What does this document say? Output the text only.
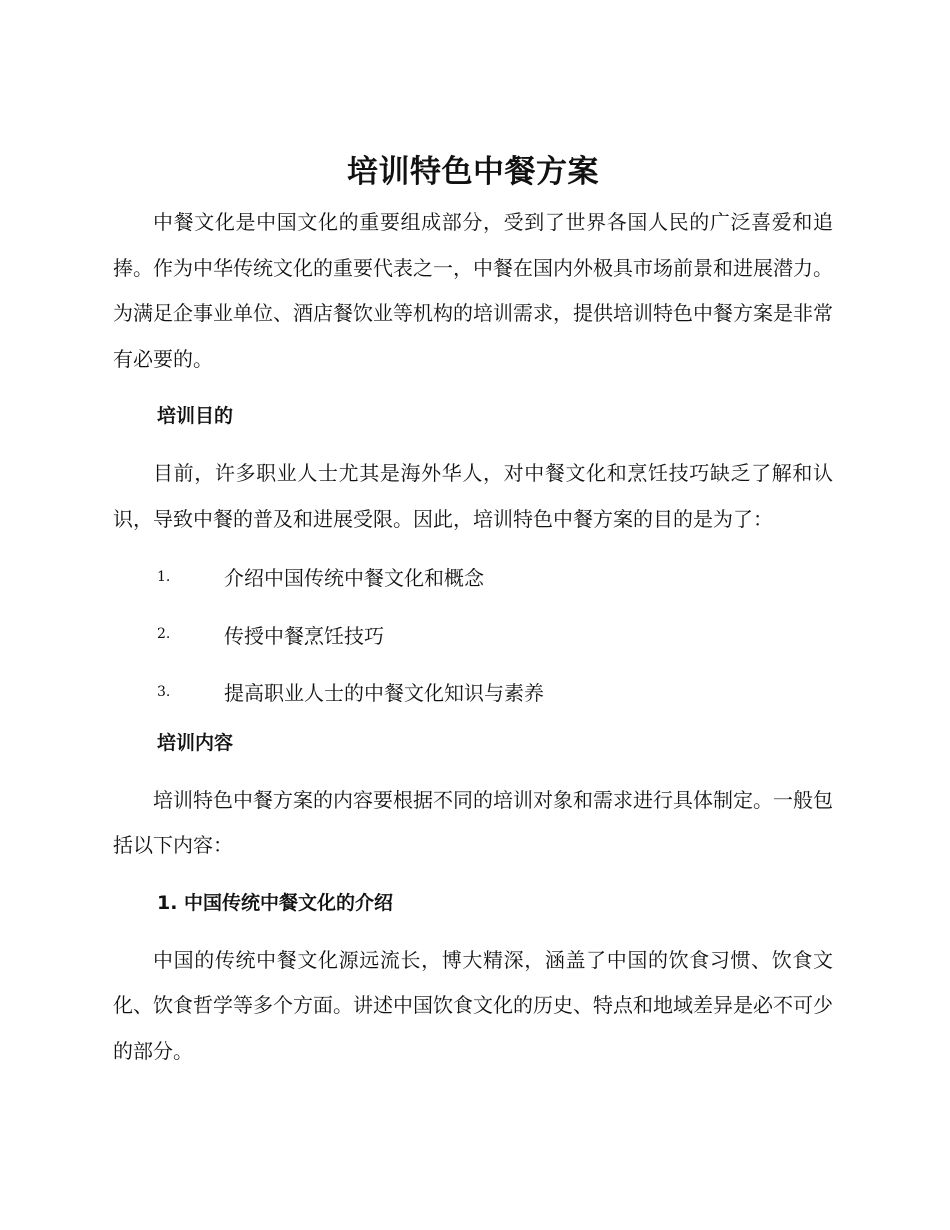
培训特色中餐方案

中餐文化是中国文化的重要组成部分，受到了世界各国人民的广泛喜爱和追捧。作为中华传统文化的重要代表之一，中餐在国内外极具市场前景和进展潜力。为满足企事业单位、酒店餐饮业等机构的培训需求，提供培训特色中餐方案是非常有必要的。

培训目的

目前，许多职业人士尤其是海外华人，对中餐文化和烹饪技巧缺乏了解和认识，导致中餐的普及和进展受限。因此，培训特色中餐方案的目的是为了：

1.	介绍中国传统中餐文化和概念
2.	传授中餐烹饪技巧
3.	提高职业人士的中餐文化知识与素养
培训内容

培训特色中餐方案的内容要根据不同的培训对象和需求进行具体制定。一般包括以下内容：

1. 中国传统中餐文化的介绍

中国的传统中餐文化源远流长，博大精深，涵盖了中国的饮食习惯、饮食文化、饮食哲学等多个方面。讲述中国饮食文化的历史、特点和地域差异是必不可少的部分。
